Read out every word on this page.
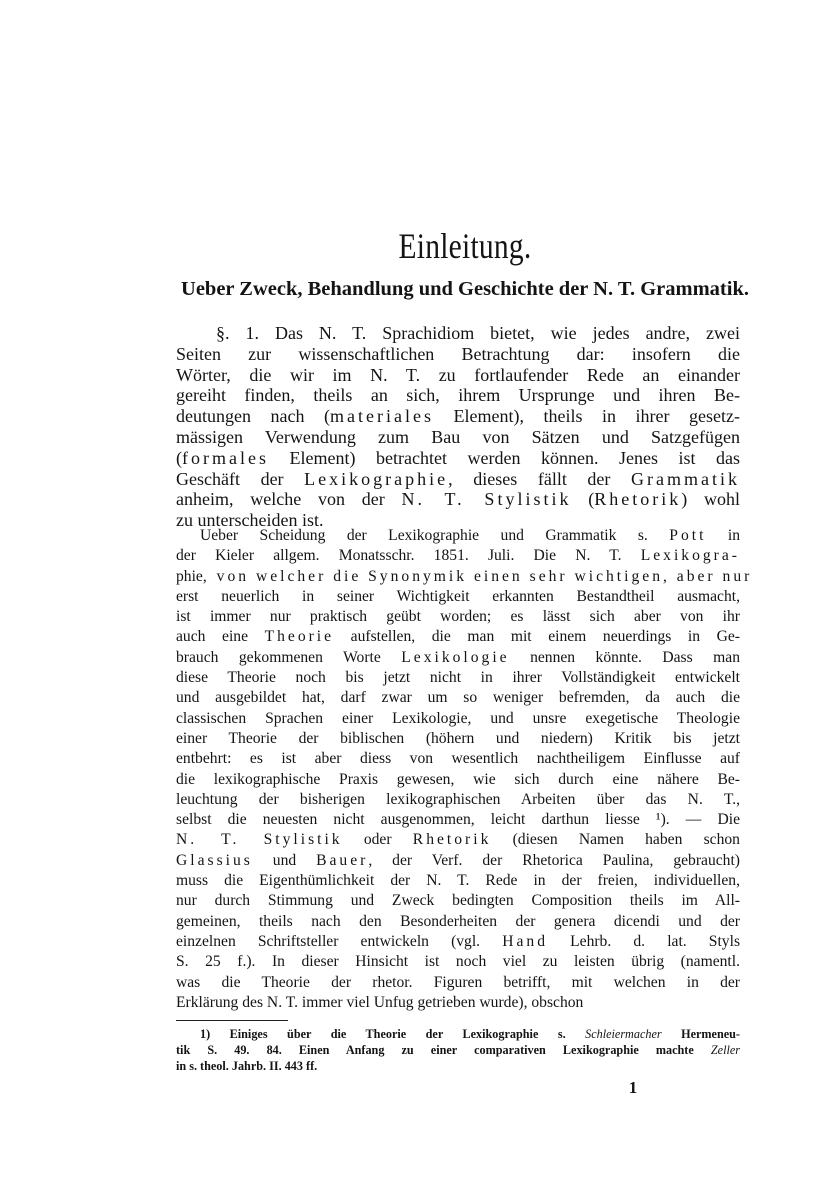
Einleitung.
Ueber Zweck, Behandlung und Geschichte der N. T. Grammatik.
§. 1. Das N. T. Sprachidiom bietet, wie jedes andre, zwei
Seiten zur wissenschaftlichen Betrachtung dar: insofern die
Wörter, die wir im N. T. zu fortlaufender Rede an einander
gereiht finden, theils an sich, ihrem Ursprunge und ihren Be-
deutungen nach (materiales Element), theils in ihrer gesetz-
mässigen Verwendung zum Bau von Sätzen und Satzgefügen
(formales Element) betrachtet werden können. Jenes ist das
Geschäft der Lexikographie, dieses fällt der Grammatik
anheim, welche von der N. T. Stylistik (Rhetorik) wohl
zu unterscheiden ist.
Ueber Scheidung der Lexikographie und Grammatik s. Pott in
der Kieler allgem. Monatsschr. 1851. Juli. Die N. T. Lexikogra-
phie, von welcher die Synonymik einen sehr wichtigen, aber nur
erst neuerlich in seiner Wichtigkeit erkannten Bestandtheil ausmacht,
ist immer nur praktisch geübt worden; es lässt sich aber von ihr
auch eine Theorie aufstellen, die man mit einem neuerdings in Ge-
brauch gekommenen Worte Lexikologie nennen könnte. Dass man
diese Theorie noch bis jetzt nicht in ihrer Vollständigkeit entwickelt
und ausgebildet hat, darf zwar um so weniger befremden, da auch die
classischen Sprachen einer Lexikologie, und unsre exegetische Theologie
einer Theorie der biblischen (höhern und niedern) Kritik bis jetzt
entbehrt: es ist aber diess von wesentlich nachtheiligem Einflusse auf
die lexikographische Praxis gewesen, wie sich durch eine nähere Be-
leuchtung der bisherigen lexikographischen Arbeiten über das N. T.,
selbst die neuesten nicht ausgenommen, leicht darthun liesse ¹). — Die
N. T. Stylistik oder Rhetorik (diesen Namen haben schon
Glassius und Bauer, der Verf. der Rhetorica Paulina, gebraucht)
muss die Eigenthümlichkeit der N. T. Rede in der freien, individuellen,
nur durch Stimmung und Zweck bedingten Composition theils im All-
gemeinen, theils nach den Besonderheiten der genera dicendi und der
einzelnen Schriftsteller entwickeln (vgl. Hand Lehrb. d. lat. Styls
S. 25 f.). In dieser Hinsicht ist noch viel zu leisten übrig (namentl.
was die Theorie der rhetor. Figuren betrifft, mit welchen in der
Erklärung des N. T. immer viel Unfug getrieben wurde), obschon
1) Einiges über die Theorie der Lexikographie s. Schleiermacher Hermeneu-
tik S. 49. 84. Einen Anfang zu einer comparativen Lexikographie machte Zeller
in s. theol. Jahrb. II. 443 ff.
1
